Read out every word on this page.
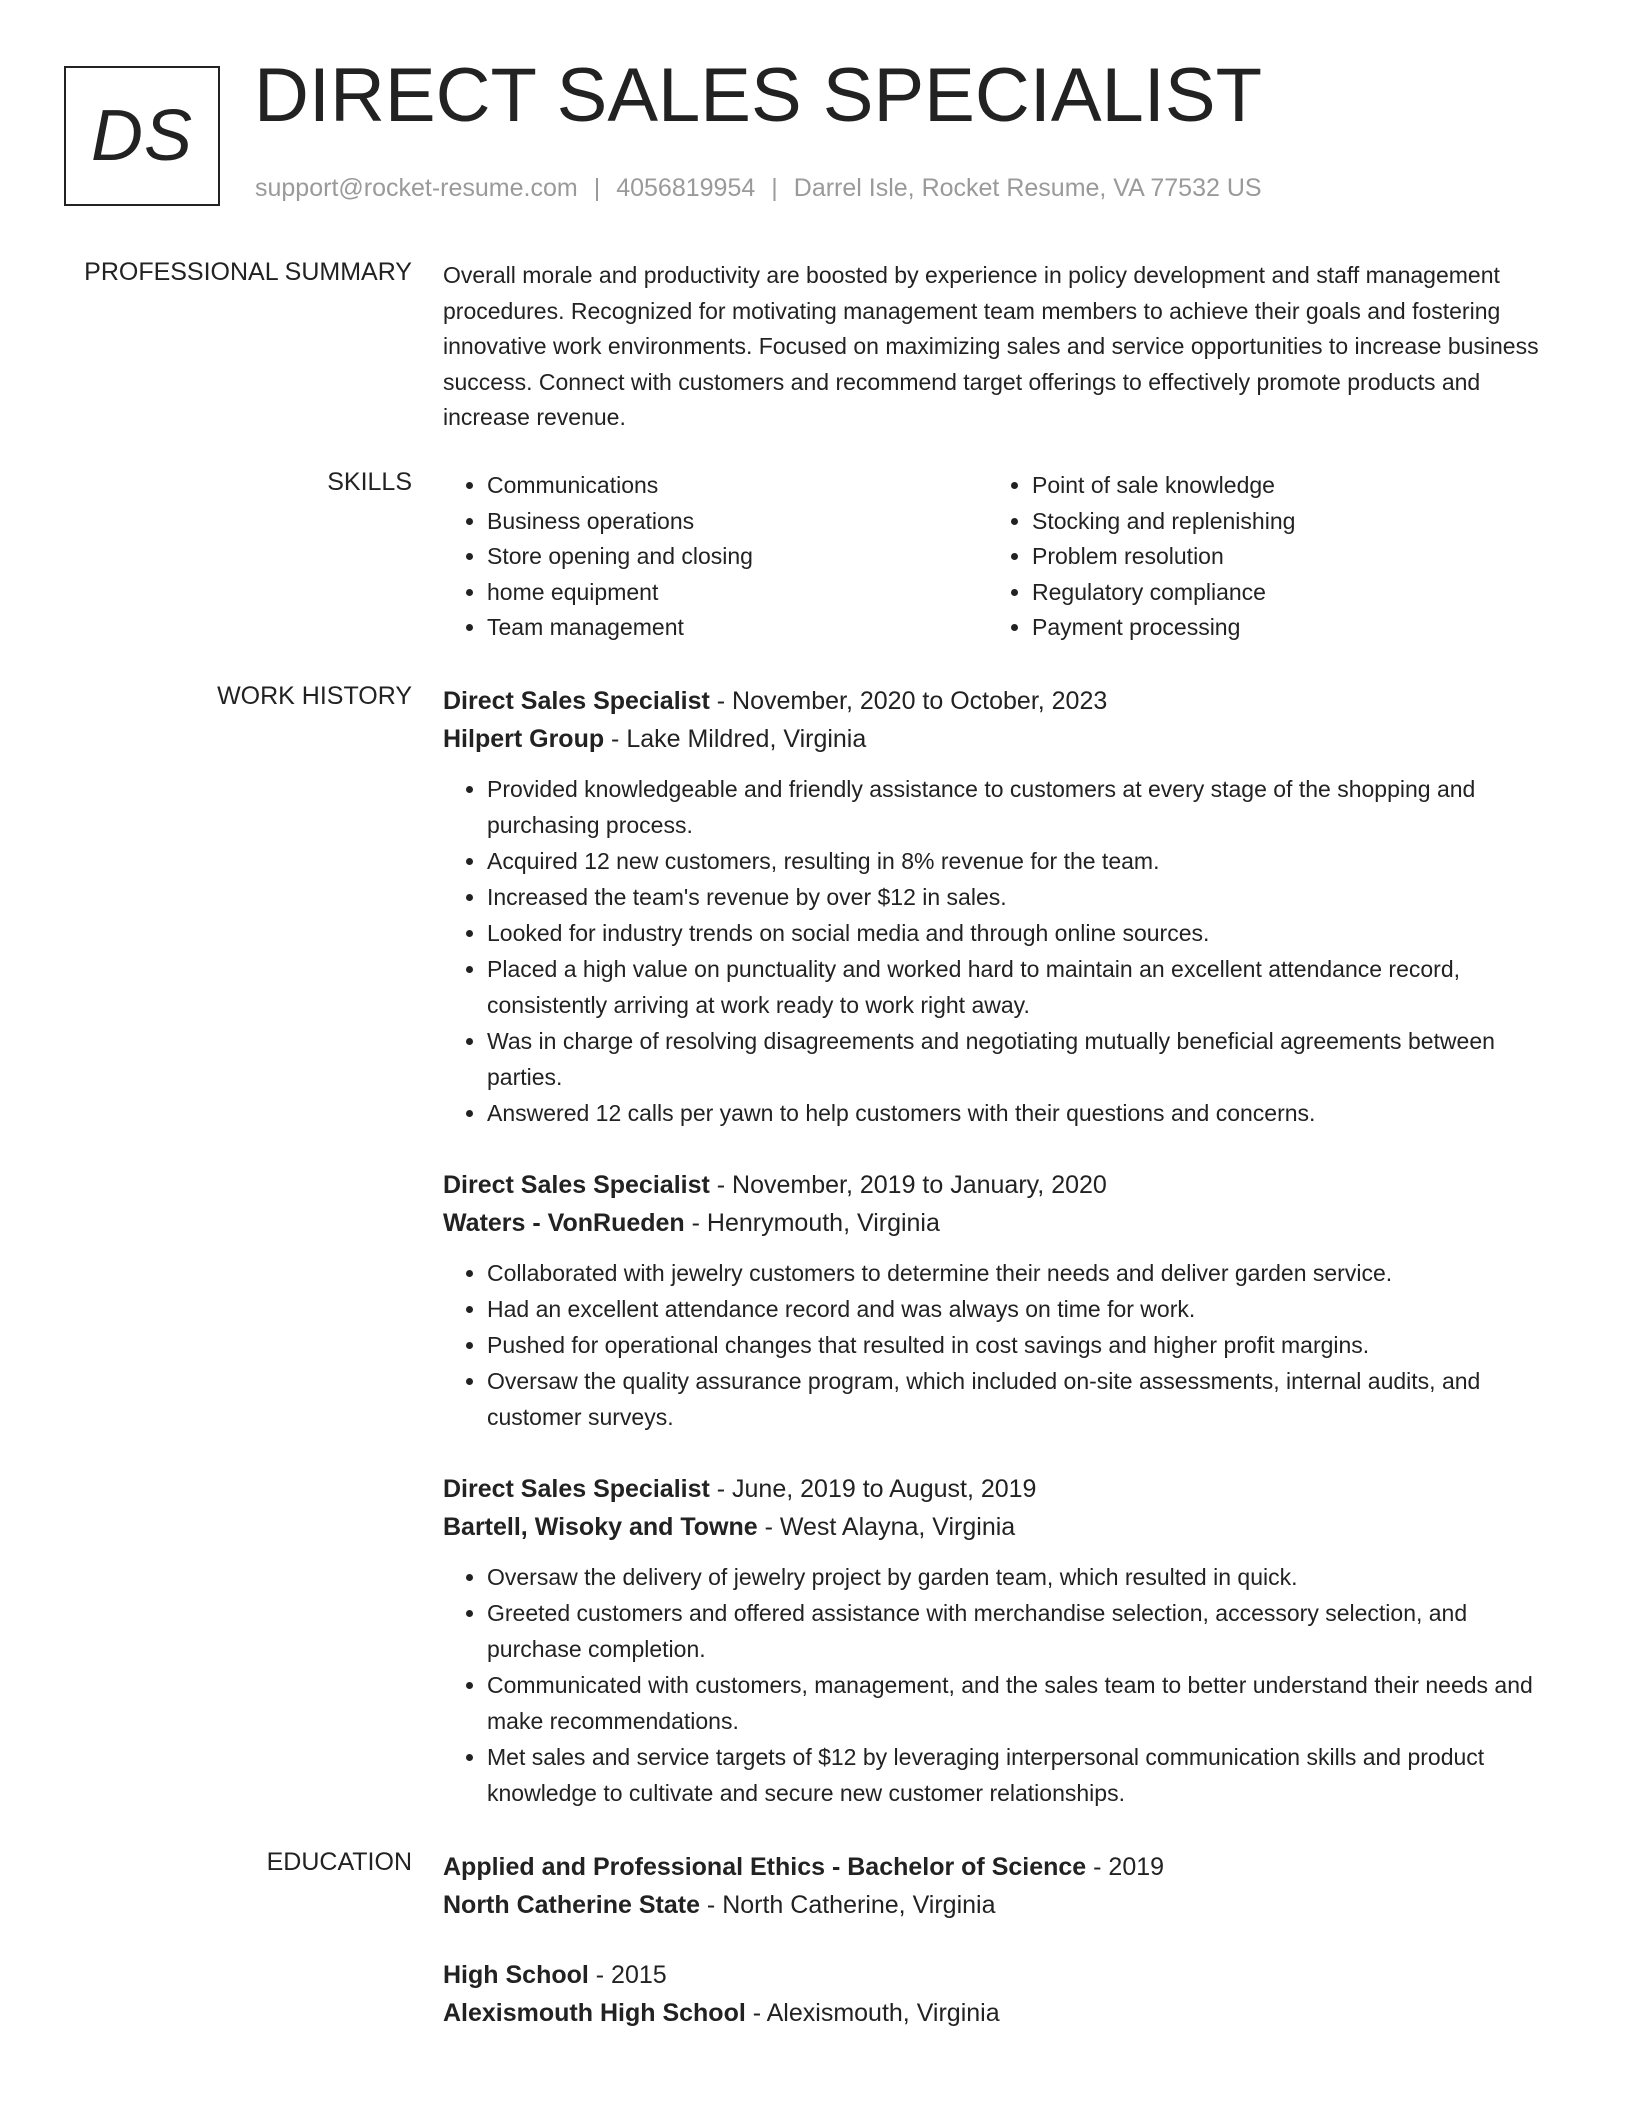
DS DIRECT SALES SPECIALIST
support@rocket-resume.com | 4056819954 | Darrel Isle, Rocket Resume, VA 77532 US
PROFESSIONAL SUMMARY Overall morale and productivity are boosted by experience in policy development and staff management procedures. Recognized for motivating management team members to achieve their goals and fostering innovative work environments. Focused on maximizing sales and service opportunities to increase business success. Connect with customers and recommend target offerings to effectively promote products and increase revenue.
SKILLS
•	Communications
• Business operations
• Store opening and closing
• home equipment
• Team management
• Point of sale knowledge
• Stocking and replenishing
• Problem resolution
• Regulatory compliance
• Payment processing
WORK HISTORY Direct Sales Specialist - November, 2020 to October, 2023
Hilpert Group - Lake Mildred, Virginia
• Provided knowledgeable and friendly assistance to customers at every stage of the shopping and purchasing process.
• Acquired 12 new customers, resulting in 8% revenue for the team.
• Increased the team's revenue by over $12 in sales.
• Looked for industry trends on social media and through online sources.
• Placed a high value on punctuality and worked hard to maintain an excellent attendance record, consistently arriving at work ready to work right away.
• Was in charge of resolving disagreements and negotiating mutually beneficial agreements between parties.
• Answered 12 calls per yawn to help customers with their questions and concerns.
Direct Sales Specialist - November, 2019 to January, 2020
Waters - VonRueden - Henrymouth, Virginia
• Collaborated with jewelry customers to determine their needs and deliver garden service.
• Had an excellent attendance record and was always on time for work.
• Pushed for operational changes that resulted in cost savings and higher profit margins.
• Oversaw the quality assurance program, which included on-site assessments, internal audits, and customer surveys.
Direct Sales Specialist - June, 2019 to August, 2019
Bartell, Wisoky and Towne - West Alayna, Virginia
• Oversaw the delivery of jewelry project by garden team, which resulted in quick.
• Greeted customers and offered assistance with merchandise selection, accessory selection, and purchase completion.
• Communicated with customers, management, and the sales team to better understand their needs and make recommendations.
• Met sales and service targets of $12 by leveraging interpersonal communication skills and product knowledge to cultivate and secure new customer relationships.
EDUCATION Applied and Professional Ethics - Bachelor of Science - 2019
North Catherine State - North Catherine, Virginia
High School - 2015
Alexismouth High School - Alexismouth, Virginia
